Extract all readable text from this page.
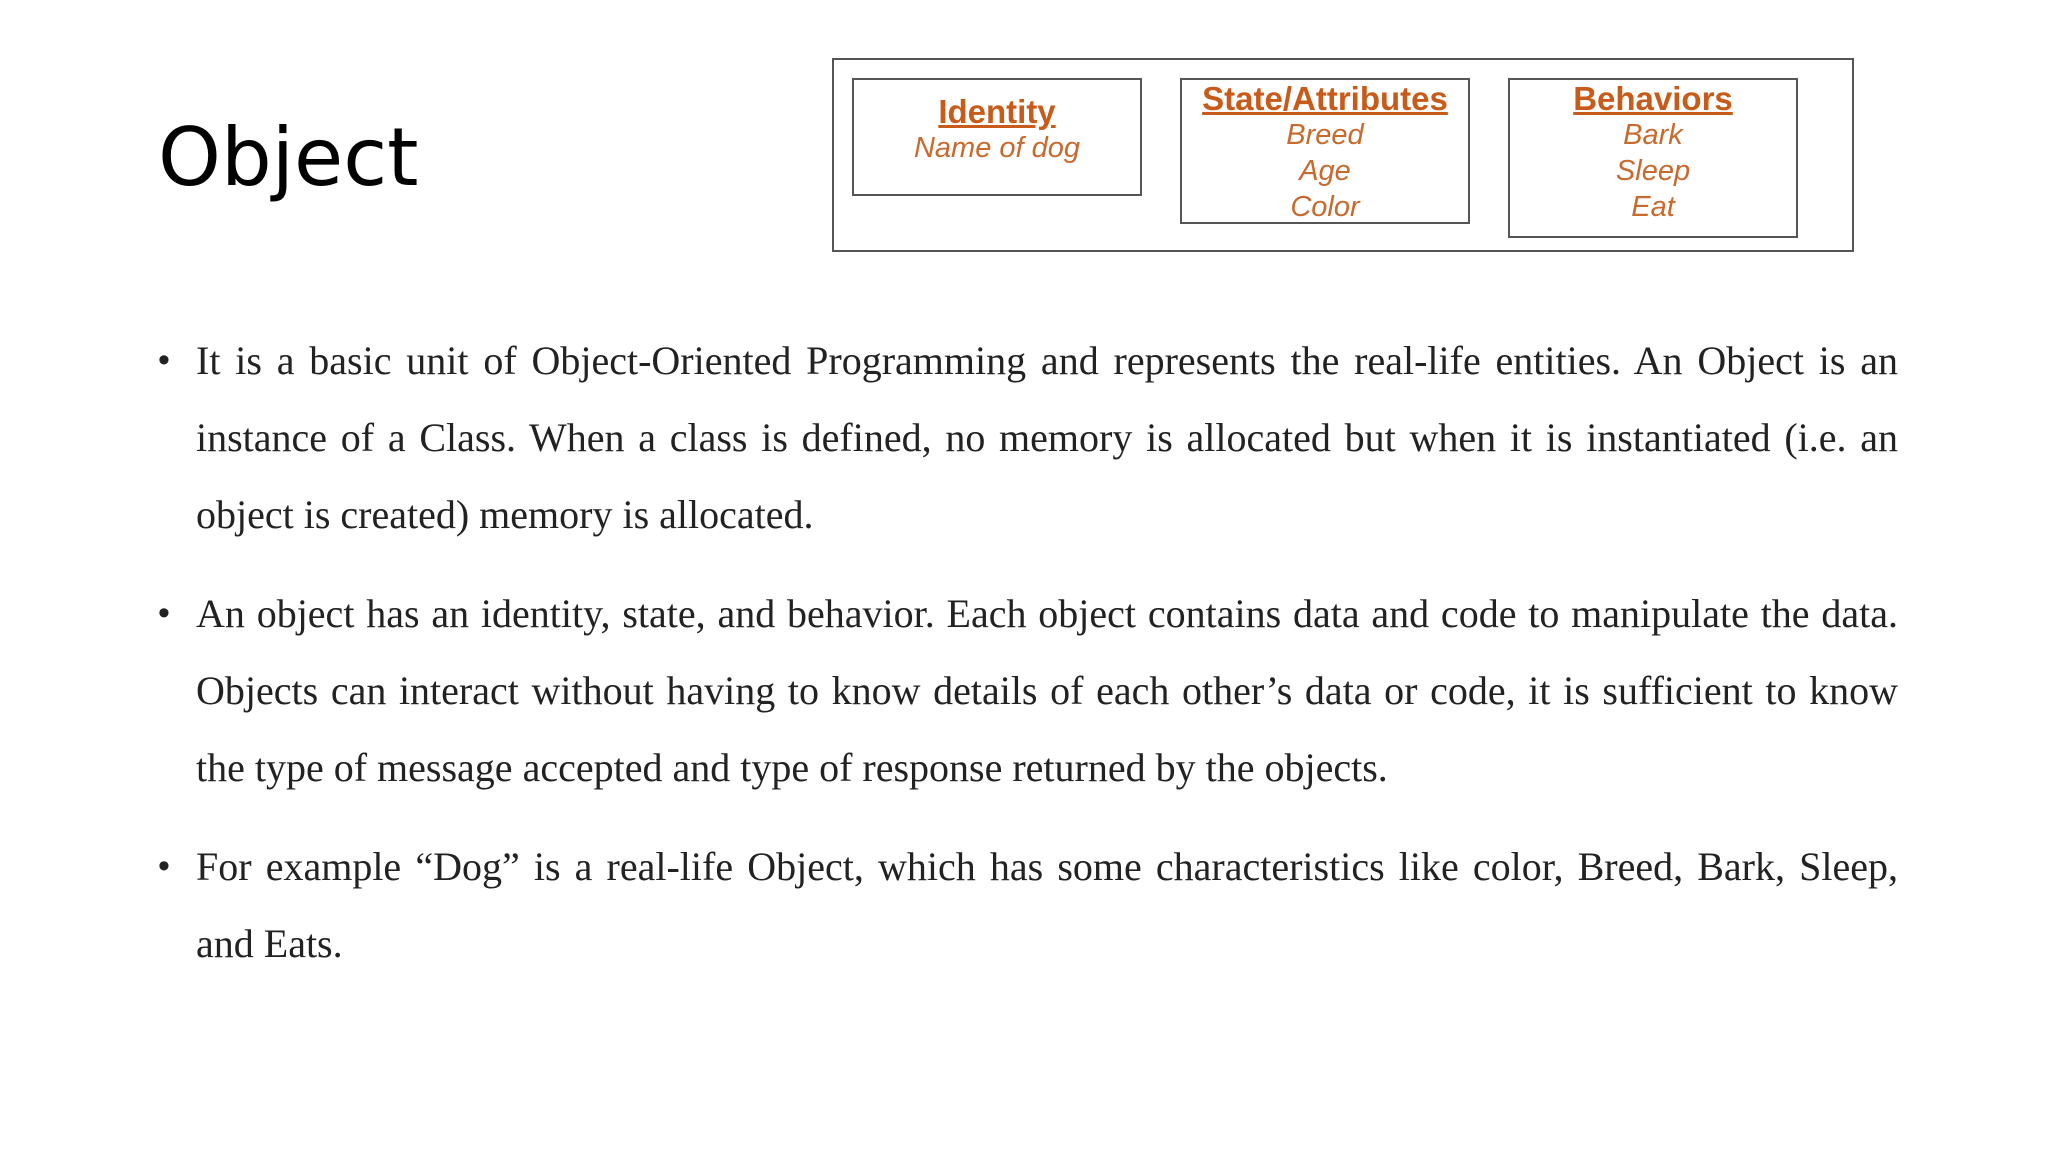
Object	Identity
Name of dog
State/Attributes
Breed
Age
Color
Behaviors
Bark
Sleep
Eat
• It is a basic unit of Object-Oriented Programming and represents the real-life entities. An Object is an instance of a Class. When a class is defined, no memory is allocated but when it is instantiated (i.e. an object is created) memory is allocated.
• An object has an identity, state, and behavior. Each object contains data and code to manipulate the data. Objects can interact without having to know details of each other’s data or code, it is sufficient to know the type of message accepted and type of response returned by the objects.
• For example “Dog” is a real-life Object, which has some characteristics like color, Breed, Bark, Sleep, and Eats.
